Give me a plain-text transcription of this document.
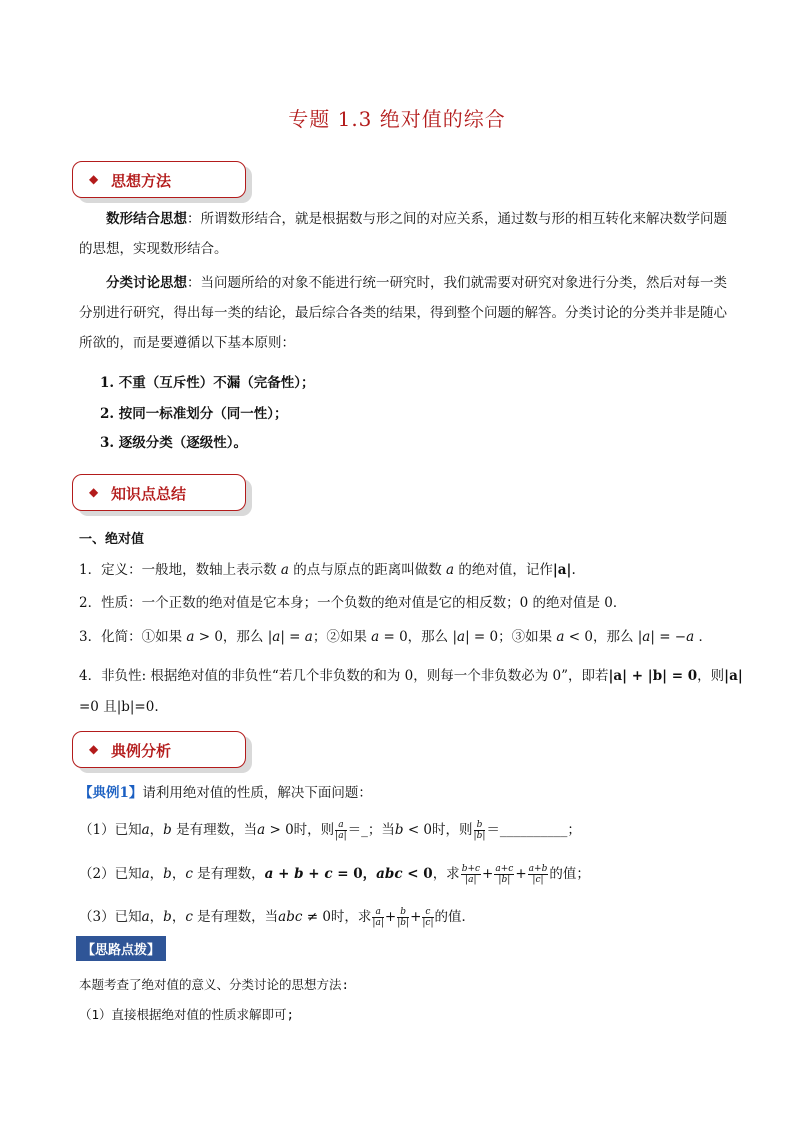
专题 1.3 绝对值的综合
◆ 思想方法
数形结合思想：所谓数形结合，就是根据数与形之间的对应关系，通过数与形的相互转化来解决数学问题的思想，实现数形结合。
分类讨论思想：当问题所给的对象不能进行统一研究时，我们就需要对研究对象进行分类，然后对每一类分别进行研究，得出每一类的结论，最后综合各类的结果，得到整个问题的解答。分类讨论的分类并非是随心所欲的，而是要遵循以下基本原则：
1. 不重（互斥性）不漏（完备性）；
2. 按同一标准划分（同一性）；
3. 逐级分类（逐级性）。
◆ 知识点总结
一、绝对值
1．定义：一般地，数轴上表示数 a 的点与原点的距离叫做数 a 的绝对值，记作|a|.
2．性质：一个正数的绝对值是它本身；一个负数的绝对值是它的相反数；0 的绝对值是 0．
3．化简：①如果 a > 0，那么 |a| = a；②如果 a = 0，那么 |a| = 0；③如果 a < 0，那么 |a| = −a ．
4．非负性: 根据绝对值的非负性“若几个非负数的和为 0，则每一个非负数必为 0”，即若|a| + |b| = 0，则|a|
=0 且|b|=0.
◆ 典例分析
【典例1】请利用绝对值的性质，解决下面问题：
（1）已知a，b 是有理数，当a > 0时，则 $\frac{a}{|a|}$ ＝_；当b < 0时，则 $\frac{b}{|b|}$ ＝__________；
（2）已知a，b，c 是有理数，a + b + c = 0，abc < 0，求 $\frac{b+c}{|a|} + \frac{a+c}{|b|} + \frac{a+b}{|c|}$ 的值；
（3）已知a，b，c 是有理数，当abc ≠ 0时，求 $\frac{a}{|a|} + \frac{b}{|b|} + \frac{c}{|c|}$ 的值．
【思路点拨】
本题考查了绝对值的意义、分类讨论的思想方法:
（1）直接根据绝对值的性质求解即可;
